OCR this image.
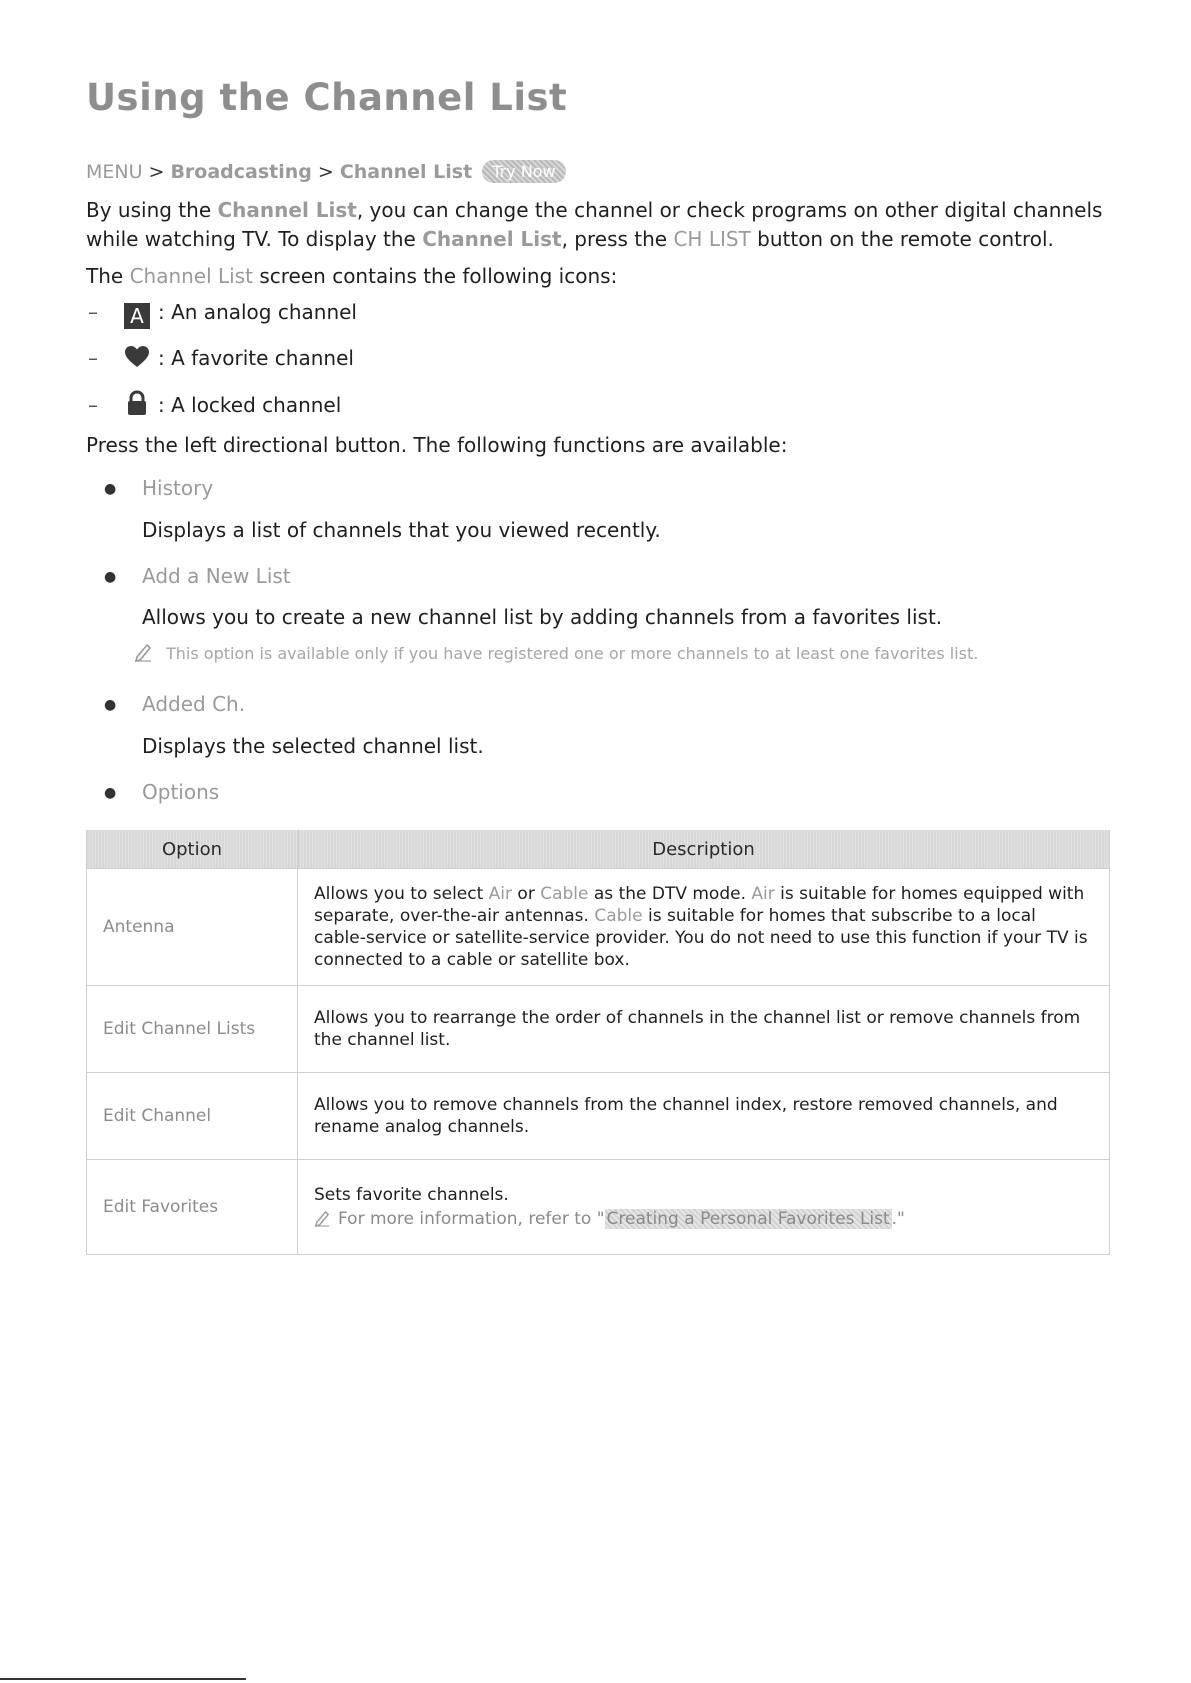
Using the Channel List
MENU > Broadcasting > Channel List Try Now
By using the Channel List, you can change the channel or check programs on other digital channels
while watching TV. To display the Channel List, press the CH LIST button on the remote control.
The Channel List screen contains the following icons:
– A : An analog channel
–	: A favorite channel
–	: A locked channel
Press the left directional button. The following functions are available:
● History
Displays a list of channels that you viewed recently.
● Add a New List
Allows you to create a new channel list by adding channels from a favorites list.
This option is available only if you have registered one or more channels to at least one favorites list.
● Added Ch.
Displays the selected channel list.
● Options
Option	Description
Antenna	Allows you to select Air or Cable as the DTV mode. Air is suitable for homes equipped with separate, over-the-air antennas. Cable is suitable for homes that subscribe to a local cable-service or satellite-service provider. You do not need to use this function if your TV is connected to a cable or satellite box.
Edit Channel Lists	Allows you to rearrange the order of channels in the channel list or remove channels from the channel list.
Edit Channel	Allows you to remove channels from the channel index, restore removed channels, and rename analog channels.
Edit Favorites	Sets favorite channels.
For more information, refer to " Creating a Personal Favorites List ."
